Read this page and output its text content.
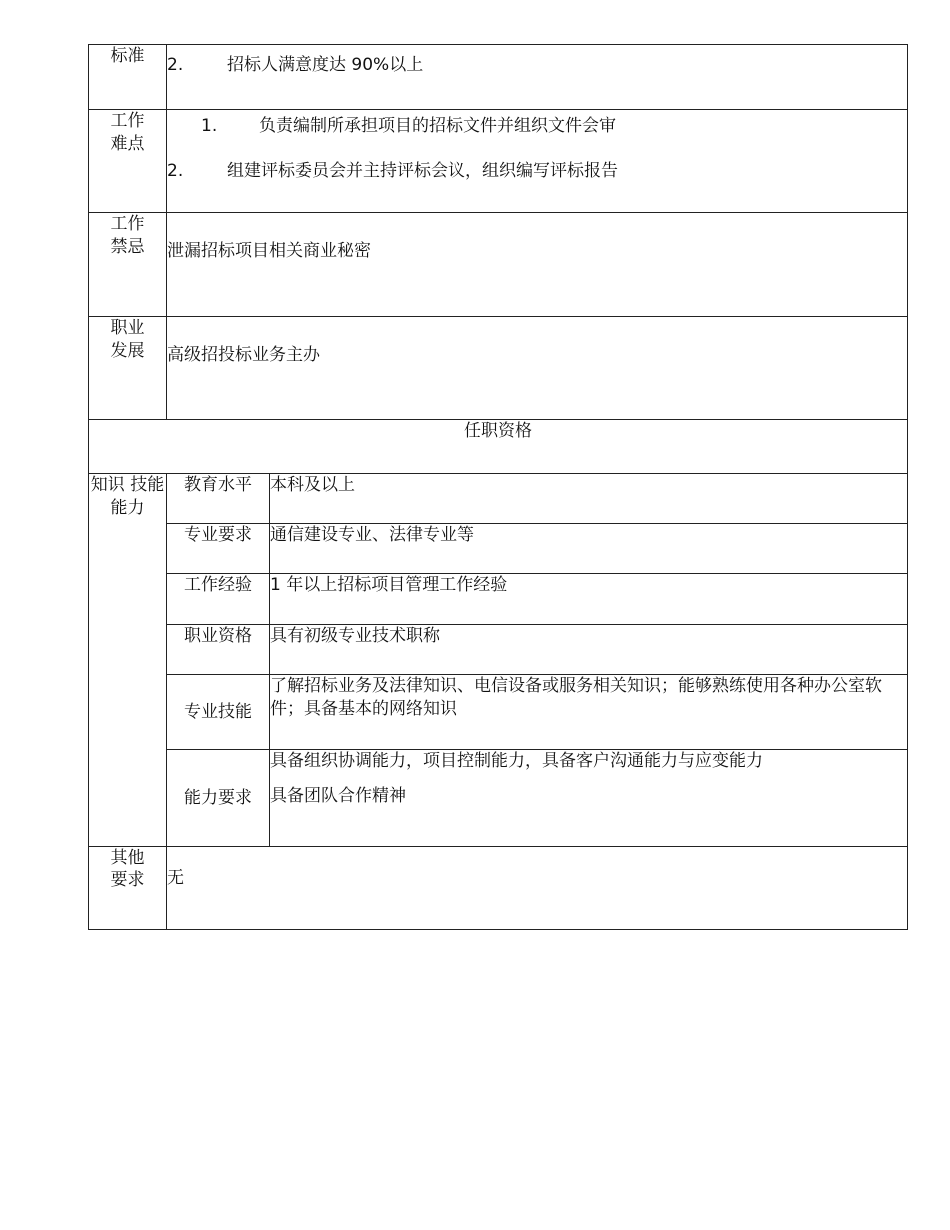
标准	2. 招标人满意度达 90%以上	

工作
难点	1. 负责编制所承担项目的招标文件并组织文件会审
2. 组建评标委员会并主持评标会议，组织编写评标报告	

工作
禁忌	泄漏招标项目相关商业秘密	

职业
发展	高级招投标业务主办	

任职资格		
知识 技能 能力	教育水平	本科及以上

	专业要求	通信建设专业、法律专业等

	工作经验	1 年以上招标项目管理工作经验

	职业资格	具有初级专业技术职称

	专业技能	了解招标业务及法律知识、电信设备或服务相关知识；能够熟练使用各种办公室软件；具备基本的网络知识
	能力要求	具备组织协调能力，项目控制能力，具备客户沟通能力与应变能力
具备团队合作精神

其他
要求	无	
